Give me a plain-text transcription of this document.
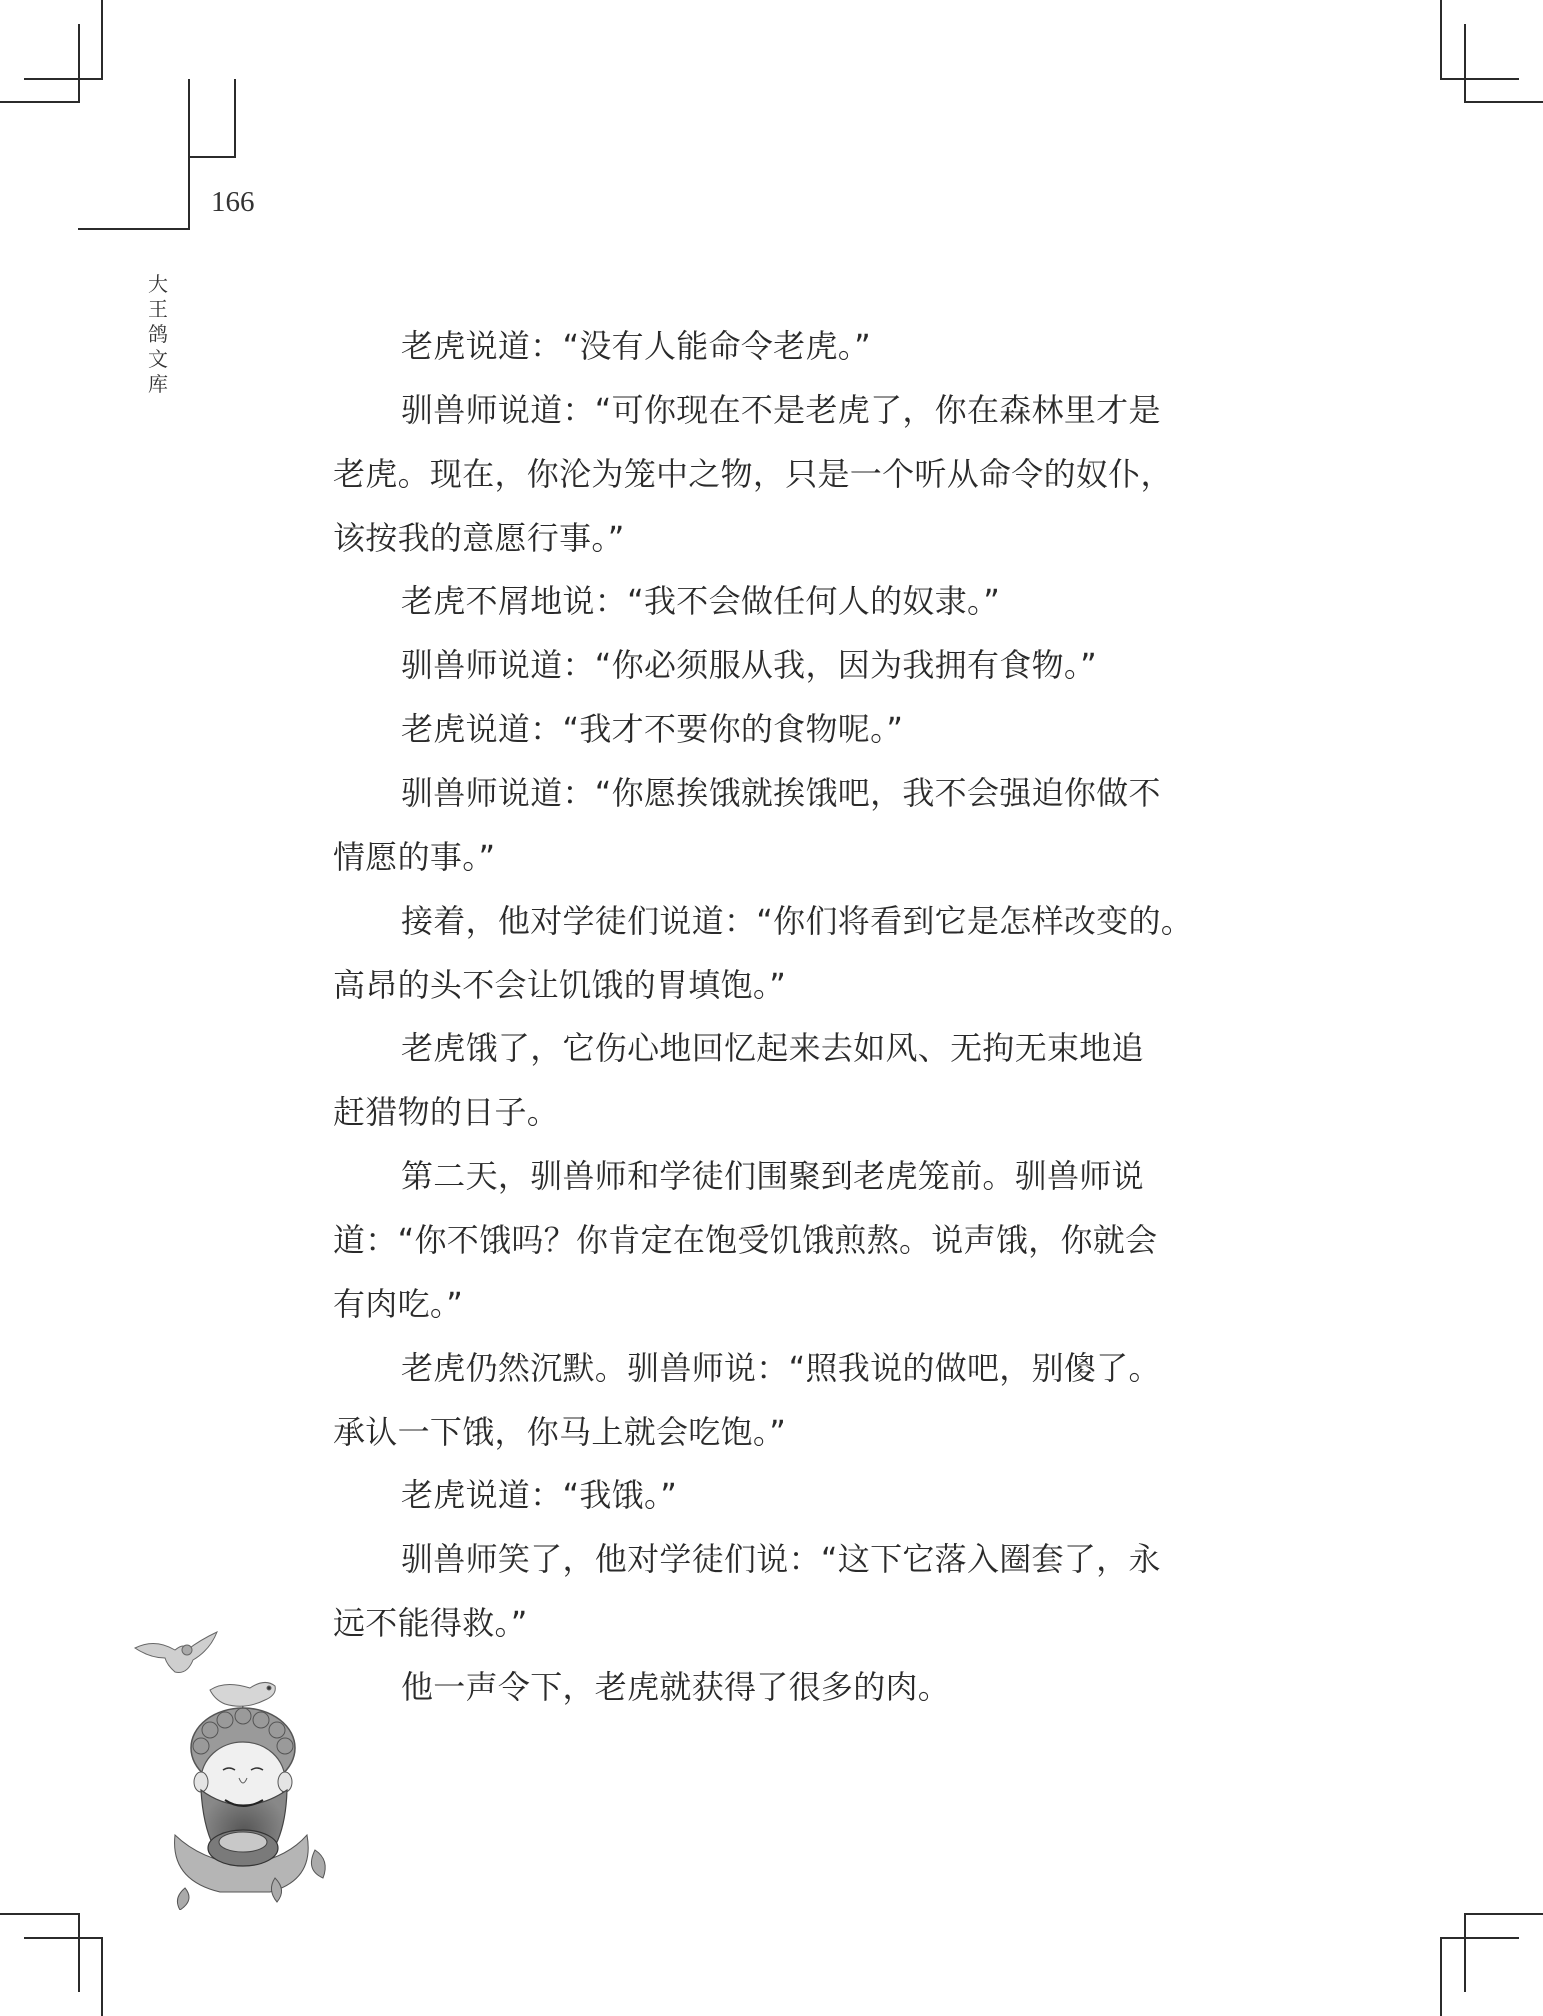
166
大
王
鸽
文
库
老虎说道：“没有人能命令老虎。”
驯兽师说道：“可你现在不是老虎了，你在森林里才是
老虎。现在，你沦为笼中之物，只是一个听从命令的奴仆，
该按我的意愿行事。”
老虎不屑地说：“我不会做任何人的奴隶。”
驯兽师说道：“你必须服从我，因为我拥有食物。”
老虎说道：“我才不要你的食物呢。”
驯兽师说道：“你愿挨饿就挨饿吧，我不会强迫你做不
情愿的事。”
接着，他对学徒们说道：“你们将看到它是怎样改变的。
高昂的头不会让饥饿的胃填饱。”
老虎饿了，它伤心地回忆起来去如风、无拘无束地追
赶猎物的日子。
第二天，驯兽师和学徒们围聚到老虎笼前。驯兽师说
道：“你不饿吗？你肯定在饱受饥饿煎熬。说声饿，你就会
有肉吃。”
老虎仍然沉默。驯兽师说：“照我说的做吧，别傻了。
承认一下饿，你马上就会吃饱。”
老虎说道：“我饿。”
驯兽师笑了，他对学徒们说：“这下它落入圈套了，永
远不能得救。”
他一声令下，老虎就获得了很多的肉。
